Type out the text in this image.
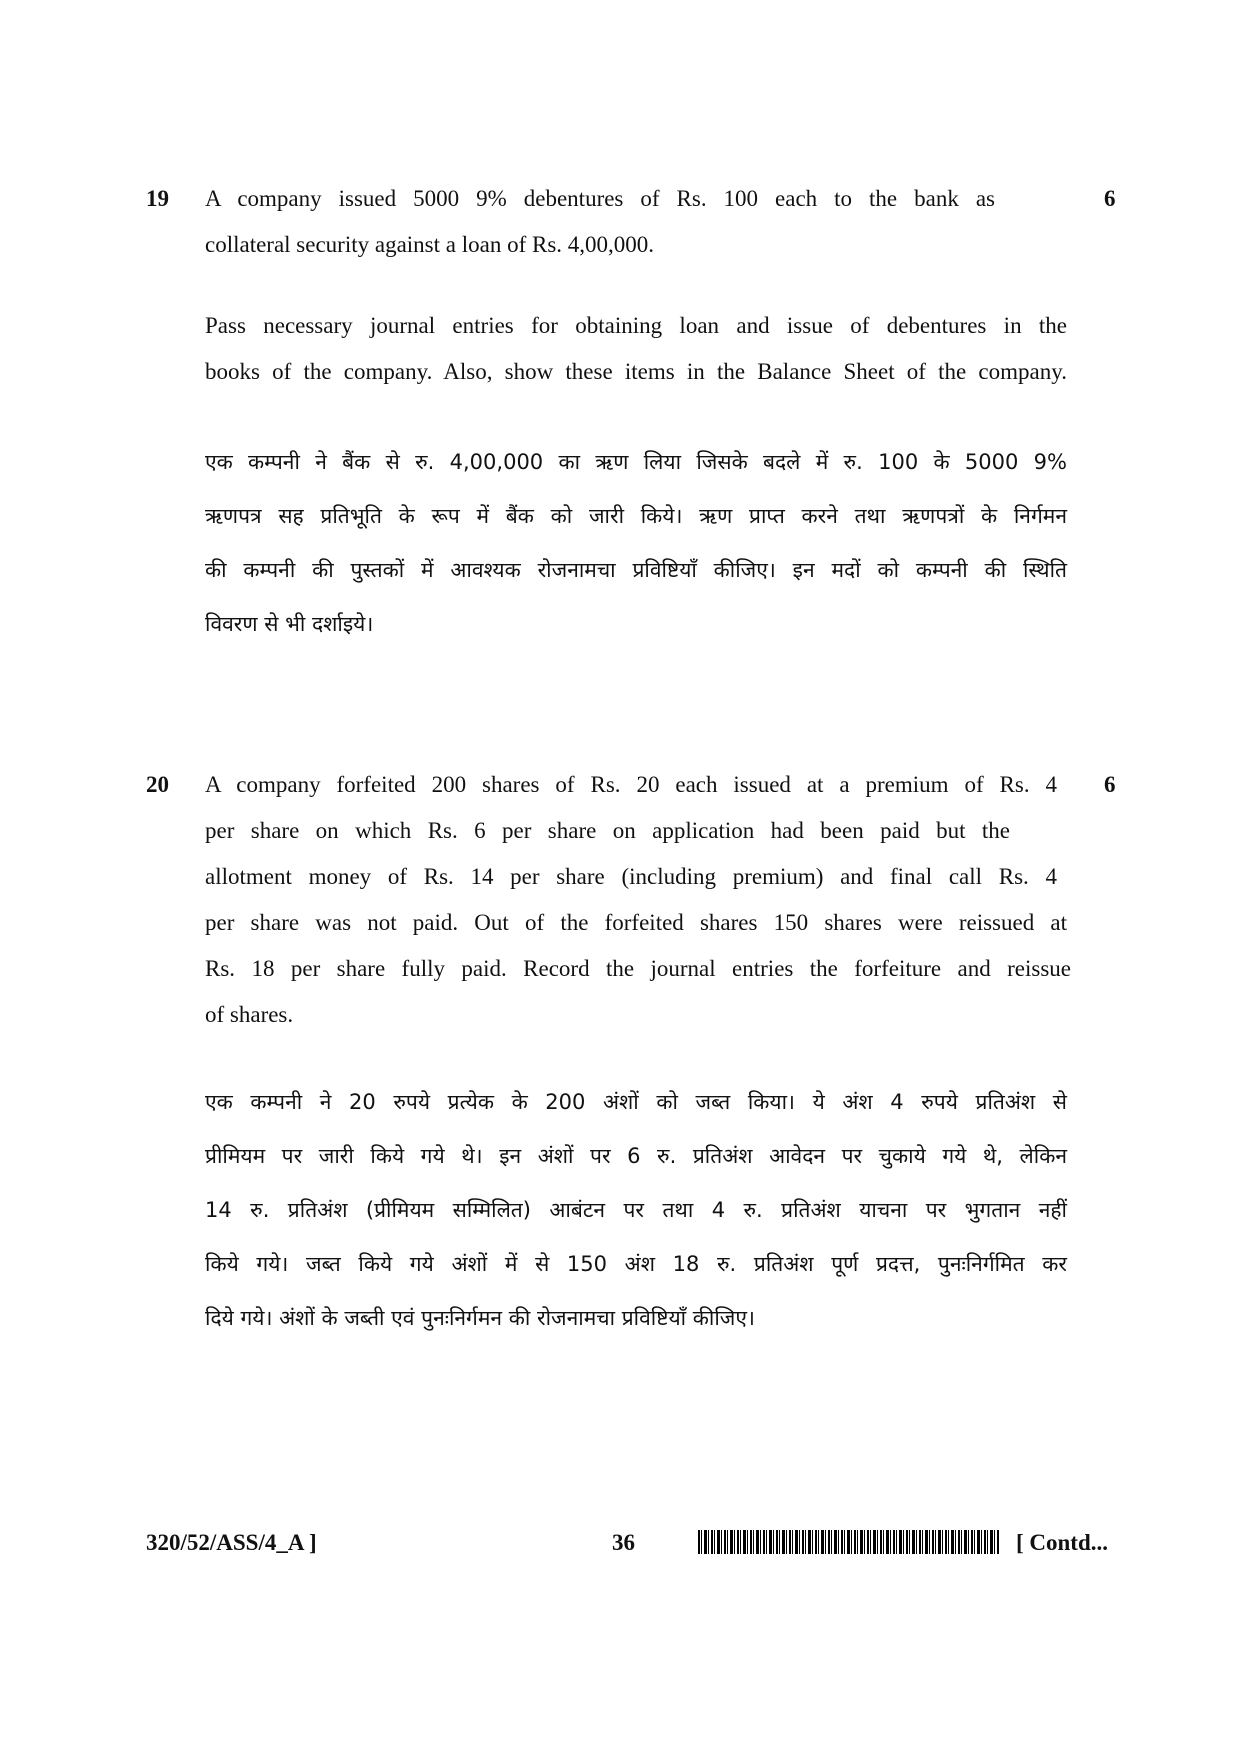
19	6
A company issued 5000 9% debentures of Rs. 100 each to the bank as
collateral security against a loan of Rs. 4,00,000.
Pass necessary journal entries for obtaining loan and issue of debentures in the
books of the company. Also, show these items in the Balance Sheet of the company.
एक कम्पनी ने बैंक से रु. 4,00,000 का ऋण लिया जिसके बदले में रु. 100 के 5000 9%
ऋणपत्र सह प्रतिभूति के रूप में बैंक को जारी किये। ऋण प्राप्त करने तथा ऋणपत्रों के निर्गमन
की कम्पनी की पुस्तकों में आवश्यक रोजनामचा प्रविष्टियाँ कीजिए। इन मदों को कम्पनी की स्थिति
विवरण से भी दर्शाइये।
20	6
A company forfeited 200 shares of Rs. 20 each issued at a premium of Rs. 4
per share on which Rs. 6 per share on application had been paid but the
allotment money of Rs. 14 per share (including premium) and final call Rs. 4
per share was not paid. Out of the forfeited shares 150 shares were reissued at
Rs. 18 per share fully paid. Record the journal entries the forfeiture and reissue
of shares.
एक कम्पनी ने 20 रुपये प्रत्येक के 200 अंशों को जब्त किया। ये अंश 4 रुपये प्रतिअंश से
प्रीमियम पर जारी किये गये थे। इन अंशों पर 6 रु. प्रतिअंश आवेदन पर चुकाये गये थे, लेकिन
14 रु. प्रतिअंश (प्रीमियम सम्मिलित) आबंटन पर तथा 4 रु. प्रतिअंश याचना पर भुगतान नहीं
किये गये। जब्त किये गये अंशों में से 150 अंश 18 रु. प्रतिअंश पूर्ण प्रदत्त, पुनःनिर्गमित कर
दिये गये। अंशों के जब्ती एवं पुनःनिर्गमन की रोजनामचा प्रविष्टियाँ कीजिए।
320/52/ASS/4_A ]	36	[ Contd...
